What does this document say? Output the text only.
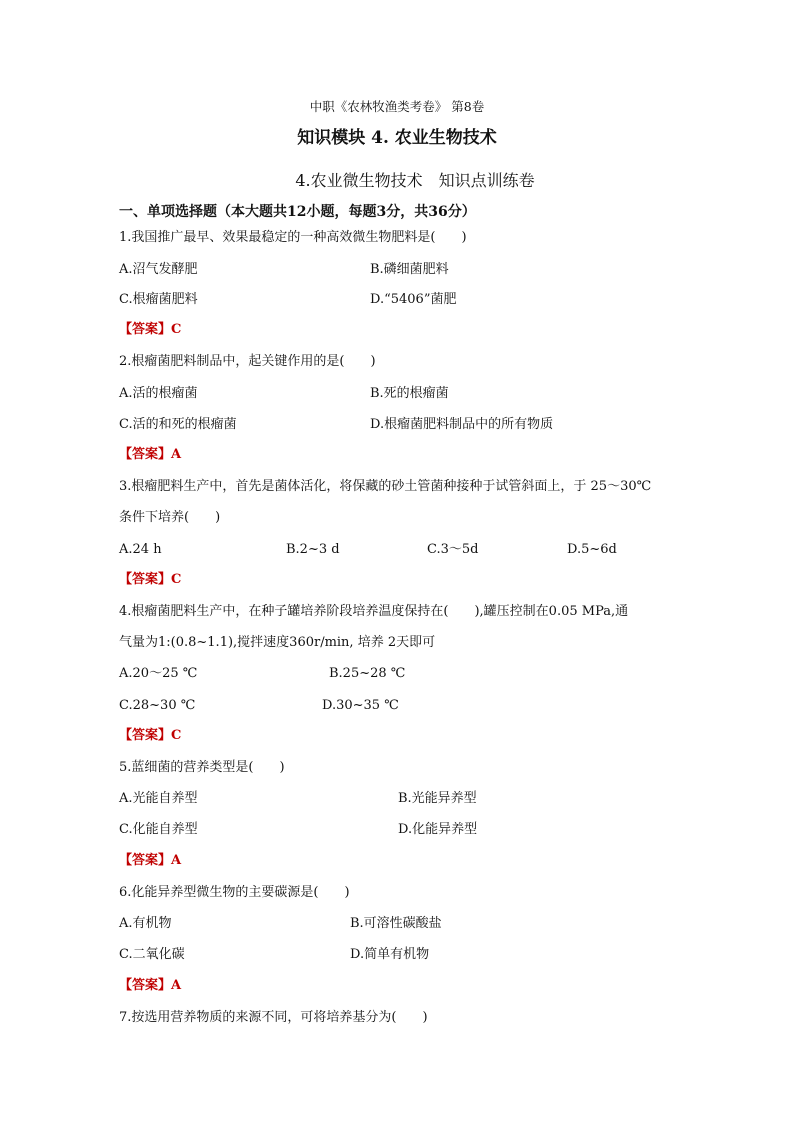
中职《农林牧渔类考卷》 第8卷
知识模块 4. 农业生物技术
4.农业微生物技术　知识点训练卷
一、单项选择题（本大题共12小题，每题3分，共36分）
1.我国推广最早、效果最稳定的一种高效微生物肥料是(　　)
A.沼气发酵肥	B.磷细菌肥料
C.根瘤菌肥料	D.“5406”菌肥
【答案】C
2.根瘤菌肥料制品中，起关键作用的是(　　)
A.活的根瘤菌	B.死的根瘤菌
C.活的和死的根瘤菌	D.根瘤菌肥料制品中的所有物质
【答案】A
3.根瘤肥料生产中，首先是菌体活化，将保藏的砂土管菌种接种于试管斜面上，于 25～30℃
条件下培养(　　)
A.24 h	B.2~3 d	C.3～5d	D.5~6d
【答案】C
4.根瘤菌肥料生产中，在种子罐培养阶段培养温度保持在(　　),罐压控制在0.05 MPa,通
气量为1:(0.8~1.1),搅拌速度360r/min, 培养 2天即可
A.20～25 ℃	B.25~28 ℃
C.28~30 ℃	D.30~35 ℃
【答案】C
5.蓝细菌的营养类型是(　　)
A.光能自养型	B.光能异养型
C.化能自养型	D.化能异养型
【答案】A
6.化能异养型微生物的主要碳源是(　　)
A.有机物	B.可溶性碳酸盐
C.二氧化碳	D.简单有机物
【答案】A
7.按选用营养物质的来源不同，可将培养基分为(　　)
